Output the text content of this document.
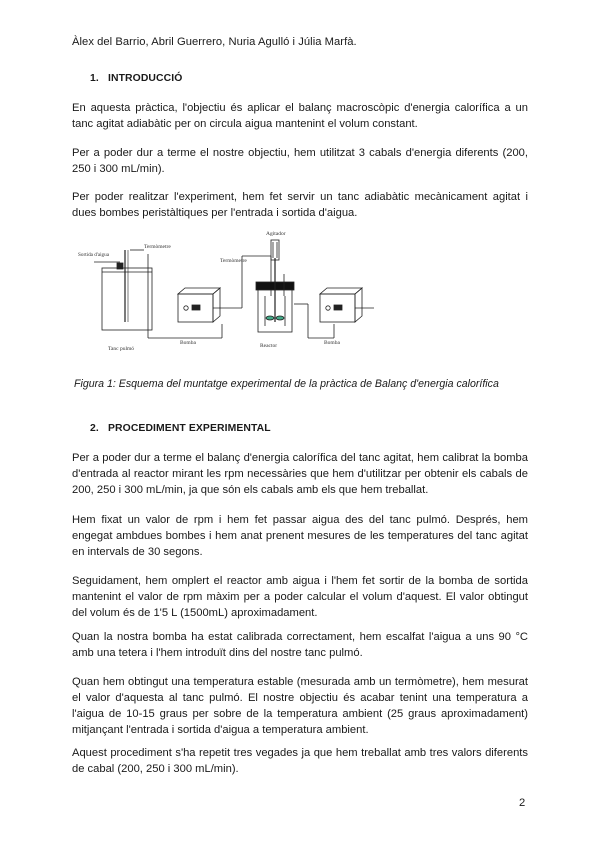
Àlex del Barrio, Abril Guerrero, Nuria Agulló i Júlia Marfà.
1. INTRODUCCIÓ

En aquesta pràctica, l'objectiu és aplicar el balanç macroscòpic d'energia calorífica a un tanc agitat adiabàtic per on circula aigua mantenint el volum constant.

Per a poder dur a terme el nostre objectiu, hem utilitzat 3 cabals d'energia diferents (200, 250 i 300 mL/min).

Per poder realitzar l'experiment, hem fet servir un tanc adiabàtic mecànicament agitat i dues bombes peristàltiques per l'entrada i sortida d'aigua.

Agitador
Termòmetre
Termòmetre
Sortida d'aigua
Tanc pulmó
Bomba	Reactor	Bomba
Figura 1: Esquema del muntatge experimental de la pràctica de Balanç d'energia calorífica
2. PROCEDIMENT EXPERIMENTAL

Per a poder dur a terme el balanç d'energia calorífica del tanc agitat, hem calibrat la bomba d'entrada al reactor mirant les rpm necessàries que hem d'utilitzar per obtenir els cabals de 200, 250 i 300 mL/min, ja que són els cabals amb els que hem treballat.

Hem fixat un valor de rpm i hem fet passar aigua des del tanc pulmó. Després, hem engegat ambdues bombes i hem anat prenent mesures de les temperatures del tanc agitat en intervals de 30 segons.

Seguidament, hem omplert el reactor amb aigua i l'hem fet sortir de la bomba de sortida mantenint el valor de rpm màxim per a poder calcular el volum d'aquest. El valor obtingut del volum és de 1'5 L (1500mL) aproximadament.

Quan la nostra bomba ha estat calibrada correctament, hem escalfat l'aigua a uns 90 °C amb una tetera i l'hem introduït dins del nostre tanc pulmó.

Quan hem obtingut una temperatura estable (mesurada amb un termòmetre), hem mesurat el valor d'aquesta al tanc pulmó. El nostre objectiu és acabar tenint una temperatura a l'aigua de 10-15 graus per sobre de la temperatura ambient (25 graus aproximadament) mitjançant l'entrada i sortida d'aigua a temperatura ambient.

Aquest procediment s'ha repetit tres vegades ja que hem treballat amb tres valors diferents de cabal (200, 250 i 300 mL/min).

2
